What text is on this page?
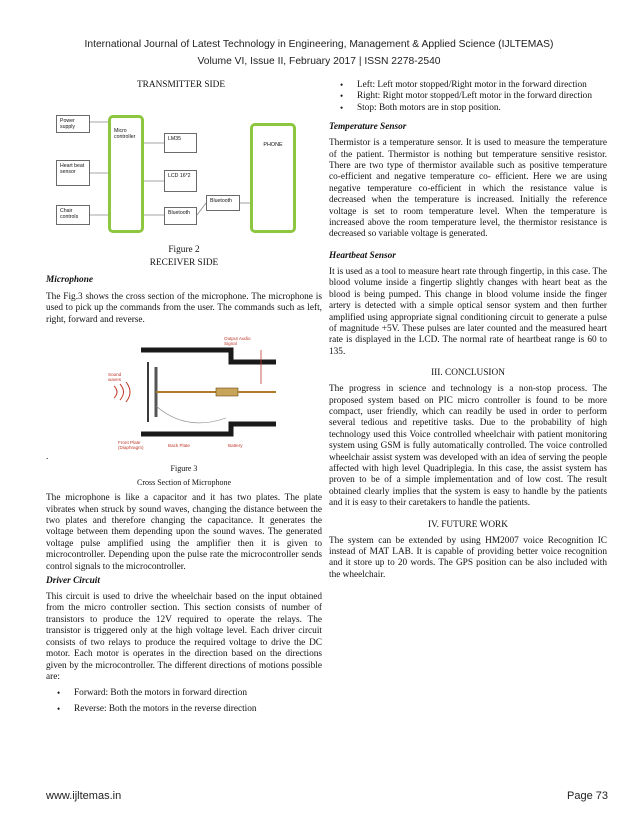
International Journal of Latest Technology in Engineering, Management & Applied Science (IJLTEMAS)
Volume VI, Issue II, February 2017 | ISSN 2278-2540
TRANSMITTER SIDE
Power supply
Heart beat sensor
Chair controls
Micro controller	LM35
LCD 16*2
Bluetooth
Bluetooth
PHONE
Figure 2
RECEIVER SIDE
Microphone

The Fig.3 shows the cross section of the microphone. The microphone is used to pick up the commands from the user. The commands such as left, right, forward and reverse.

Output Audio Signal
Sound waves
Front Plate (Diaphragm)	Back Plate	Battery
.
Figure 3
Cross Section of Microphone

The microphone is like a capacitor and it has two plates. The plate vibrates when struck by sound waves, changing the distance between the two plates and therefore changing the capacitance. It generates the voltage between them depending upon the sound waves. The generated voltage pulse amplified using the amplifier then it is given to microcontroller. Depending upon the pulse rate the microcontroller sends control signals to the microcontroller.

Driver Circuit

This circuit is used to drive the wheelchair based on the input obtained from the micro controller section. This section consists of number of transistors to produce the 12V required to operate the relays. The transistor is triggered only at the high voltage level. Each driver circuit consists of two relays to produce the required voltage to drive the DC motor. Each motor is operates in the direction based on the directions given by the microcontroller. The different directions of motions possible are:

• Forward: Both the motors in forward direction
• Reverse: Both the motors in the reverse direction
• Left: Left motor stopped/Right motor in the forward direction
• Right: Right motor stopped/Left motor in the forward direction
• Stop: Both motors are in stop position.
Temperature Sensor

Thermistor is a temperature sensor. It is used to measure the temperature of the patient. Thermistor is nothing but temperature sensitive resistor. There are two type of thermistor available such as positive temperature co-efficient and negative temperature co- efficient. Here we are using negative temperature co-efficient in which the resistance value is decreased when the temperature is increased. Initially the reference voltage is set to room temperature level. When the temperature is increased above the room temperature level, the thermistor resistance is decreased so variable voltage is generated.

Heartbeat Sensor

It is used as a tool to measure heart rate through fingertip, in this case. The blood volume inside a fingertip slightly changes with heart beat as the blood is being pumped. This change in blood volume inside the finger artery is detected with a simple optical sensor system and then further amplified using appropriate signal conditioning circuit to generate a pulse of magnitude +5V. These pulses are later counted and the measured heart rate is displayed in the LCD. The normal rate of heartbeat range is 60 to 135.

III. CONCLUSION

The progress in science and technology is a non-stop process. The proposed system based on PIC micro controller is found to be more compact, user friendly, which can readily be used in order to perform several tedious and repetitive tasks. Due to the probability of high technology used this Voice controlled wheelchair with patient monitoring system using GSM is fully automatically controlled. The voice controlled wheelchair assist system was developed with an idea of serving the people affected with high level Quadriplegia. In this case, the assist system has proven to be of a simple implementation and of low cost. The result obtained clearly implies that the system is easy to handle by the patients and it is easy to their caretakers to handle the patients.

IV. FUTURE WORK

The system can be extended by using HM2007 voice Recognition IC instead of MAT LAB. It is capable of providing better voice recognition and it store up to 20 words. The GPS position can be also included with the wheelchair.

www.ijltemas.in	Page 73
